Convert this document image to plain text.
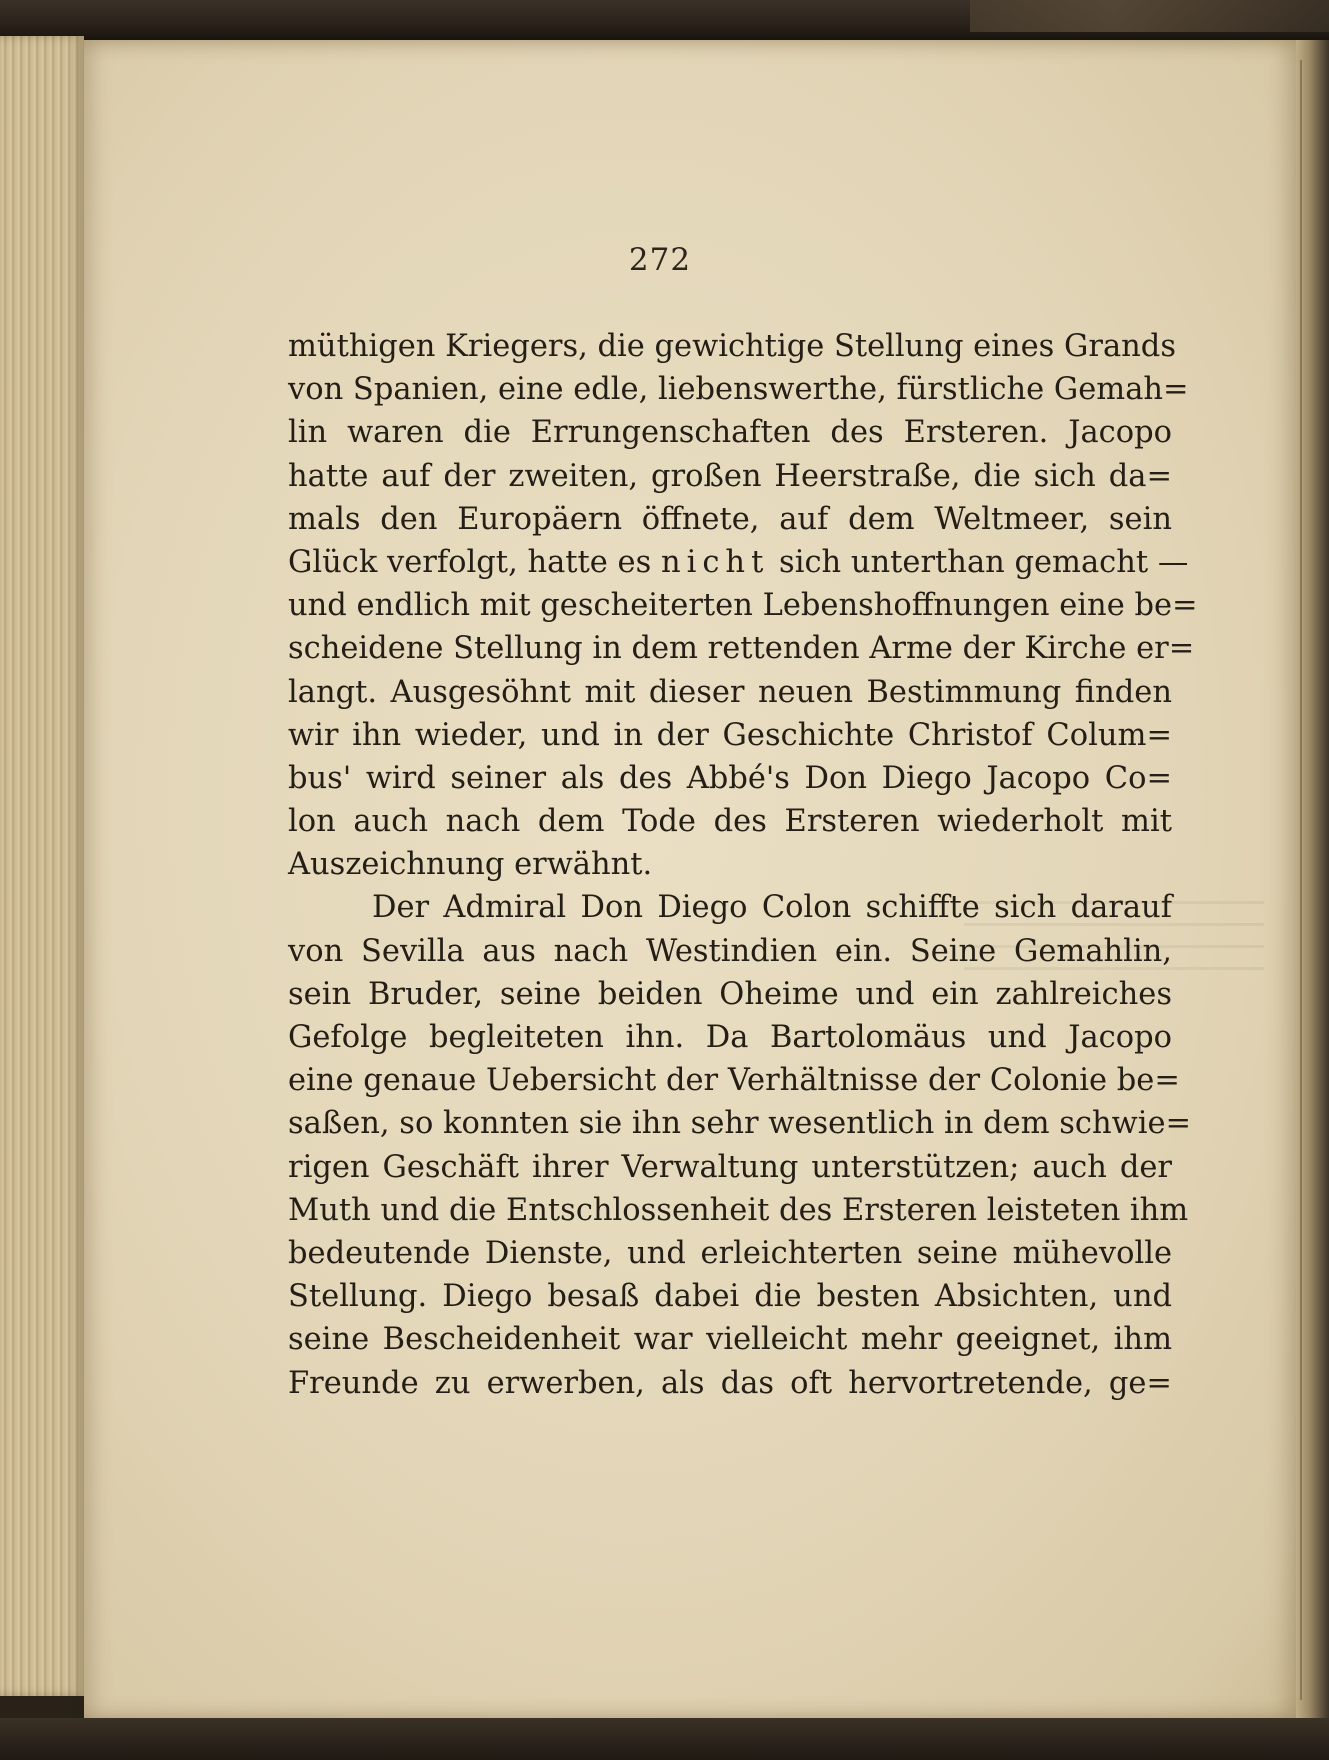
272
müthigen Kriegers, die gewichtige Stellung eines Grands
von Spanien, eine edle, liebenswerthe, fürstliche Gemah=
lin waren die Errungenschaften des Ersteren. Jacopo
hatte auf der zweiten, großen Heerstraße, die sich da=
mals den Europäern öffnete, auf dem Weltmeer, sein
Glück verfolgt, hatte es nicht sich unterthan gemacht —
und endlich mit gescheiterten Lebenshoffnungen eine be=
scheidene Stellung in dem rettenden Arme der Kirche er=
langt. Ausgesöhnt mit dieser neuen Bestimmung finden
wir ihn wieder, und in der Geschichte Christof Colum=
bus' wird seiner als des Abbé's Don Diego Jacopo Co=
lon auch nach dem Tode des Ersteren wiederholt mit
Auszeichnung erwähnt.
Der Admiral Don Diego Colon schiffte sich darauf
von Sevilla aus nach Westindien ein. Seine Gemahlin,
sein Bruder, seine beiden Oheime und ein zahlreiches
Gefolge begleiteten ihn. Da Bartolomäus und Jacopo
eine genaue Uebersicht der Verhältnisse der Colonie be=
saßen, so konnten sie ihn sehr wesentlich in dem schwie=
rigen Geschäft ihrer Verwaltung unterstützen; auch der
Muth und die Entschlossenheit des Ersteren leisteten ihm
bedeutende Dienste, und erleichterten seine mühevolle
Stellung. Diego besaß dabei die besten Absichten, und
seine Bescheidenheit war vielleicht mehr geeignet, ihm
Freunde zu erwerben, als das oft hervortretende, ge=
